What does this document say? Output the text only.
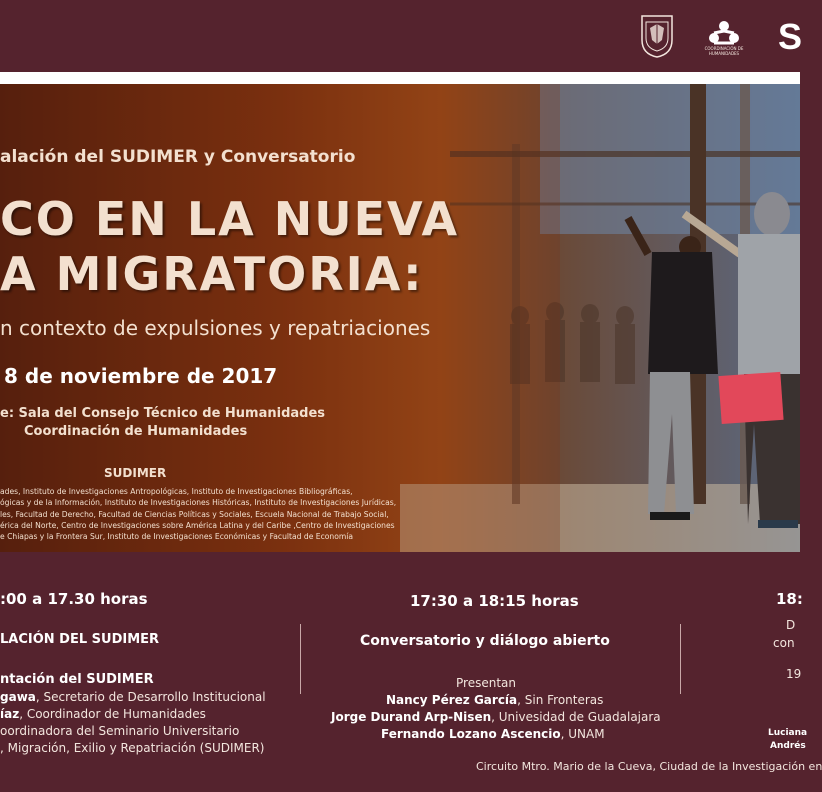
COORDINACIÓN DE HUMANIDADES	S
alación del SUDIMER y Conversatorio
CO EN LA NUEVA
A MIGRATORIA:
n contexto de expulsiones y repatriaciones
8 de noviembre de 2017
e: Sala del Consejo Técnico de Humanidades
Coordinación de Humanidades
SUDIMER
ades, Instituto de Investigaciones Antropológicas, Instituto de Investigaciones Bibliográficas,
ógicas y de la Información, Instituto de Investigaciones Históricas, Instituto de Investigaciones Jurídicas,
les, Facultad de Derecho, Facultad de Ciencias Políticas y Sociales, Escuela Nacional de Trabajo Social,
érica del Norte, Centro de Investigaciones sobre América Latina y del Caribe ,Centro de Investigaciones
e Chiapas y la Frontera Sur, Instituto de Investigaciones Económicas y Facultad de Economía
:00 a 17.30 horas
LACIÓN DEL SUDIMER
ntación del SUDIMER
gawa, Secretario de Desarrollo Institucional
íaz, Coordinador de Humanidades
oordinadora del Seminario Universitario
, Migración, Exilio y Repatriación (SUDIMER)
17:30 a 18:15 horas
Conversatorio y diálogo abierto
Presentan
Nancy Pérez García, Sin Fronteras
Jorge Durand Arp-Nisen, Univesidad de Guadalajara
Fernando Lozano Ascencio, UNAM
18:
D
con
19
Luciana
Andrés
Circuito Mtro. Mario de la Cueva, Ciudad de la Investigación en
